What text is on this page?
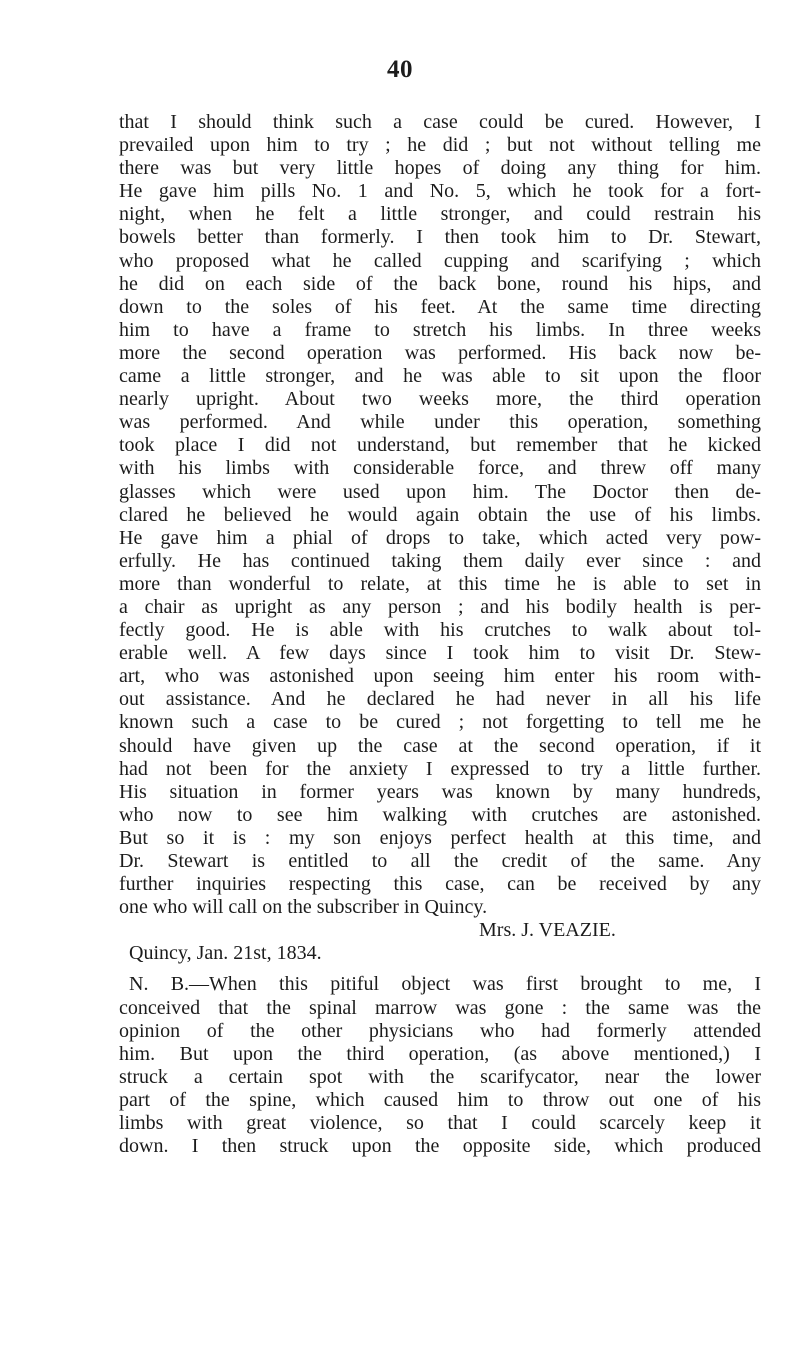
40
that I should think such a case could be cured. However, I
prevailed upon him to try ; he did ; but not without telling me
there was but very little hopes of doing any thing for him.
He gave him pills No. 1 and No. 5, which he took for a fort-
night, when he felt a little stronger, and could restrain his
bowels better than formerly. I then took him to Dr. Stewart,
who proposed what he called cupping and scarifying ; which
he did on each side of the back bone, round his hips, and
down to the soles of his feet. At the same time directing
him to have a frame to stretch his limbs. In three weeks
more the second operation was performed. His back now be-
came a little stronger, and he was able to sit upon the floor
nearly upright. About two weeks more, the third operation
was performed. And while under this operation, something
took place I did not understand, but remember that he kicked
with his limbs with considerable force, and threw off many
glasses which were used upon him. The Doctor then de-
clared he believed he would again obtain the use of his limbs.
He gave him a phial of drops to take, which acted very pow-
erfully. He has continued taking them daily ever since : and
more than wonderful to relate, at this time he is able to set in
a chair as upright as any person ; and his bodily health is per-
fectly good. He is able with his crutches to walk about tol-
erable well. A few days since I took him to visit Dr. Stew-
art, who was astonished upon seeing him enter his room with-
out assistance. And he declared he had never in all his life
known such a case to be cured ; not forgetting to tell me he
should have given up the case at the second operation, if it
had not been for the anxiety I expressed to try a little further.
His situation in former years was known by many hundreds,
who now to see him walking with crutches are astonished.
But so it is : my son enjoys perfect health at this time, and
Dr. Stewart is entitled to all the credit of the same. Any
further inquiries respecting this case, can be received by any
one who will call on the subscriber in Quincy.
Mrs. J. VEAZIE.
Quincy, Jan. 21st, 1834.
N. B.—When this pitiful object was first brought to me, I
conceived that the spinal marrow was gone : the same was the
opinion of the other physicians who had formerly attended
him. But upon the third operation, (as above mentioned,) I
struck a certain spot with the scarifycator, near the lower
part of the spine, which caused him to throw out one of his
limbs with great violence, so that I could scarcely keep it
down. I then struck upon the opposite side, which produced
